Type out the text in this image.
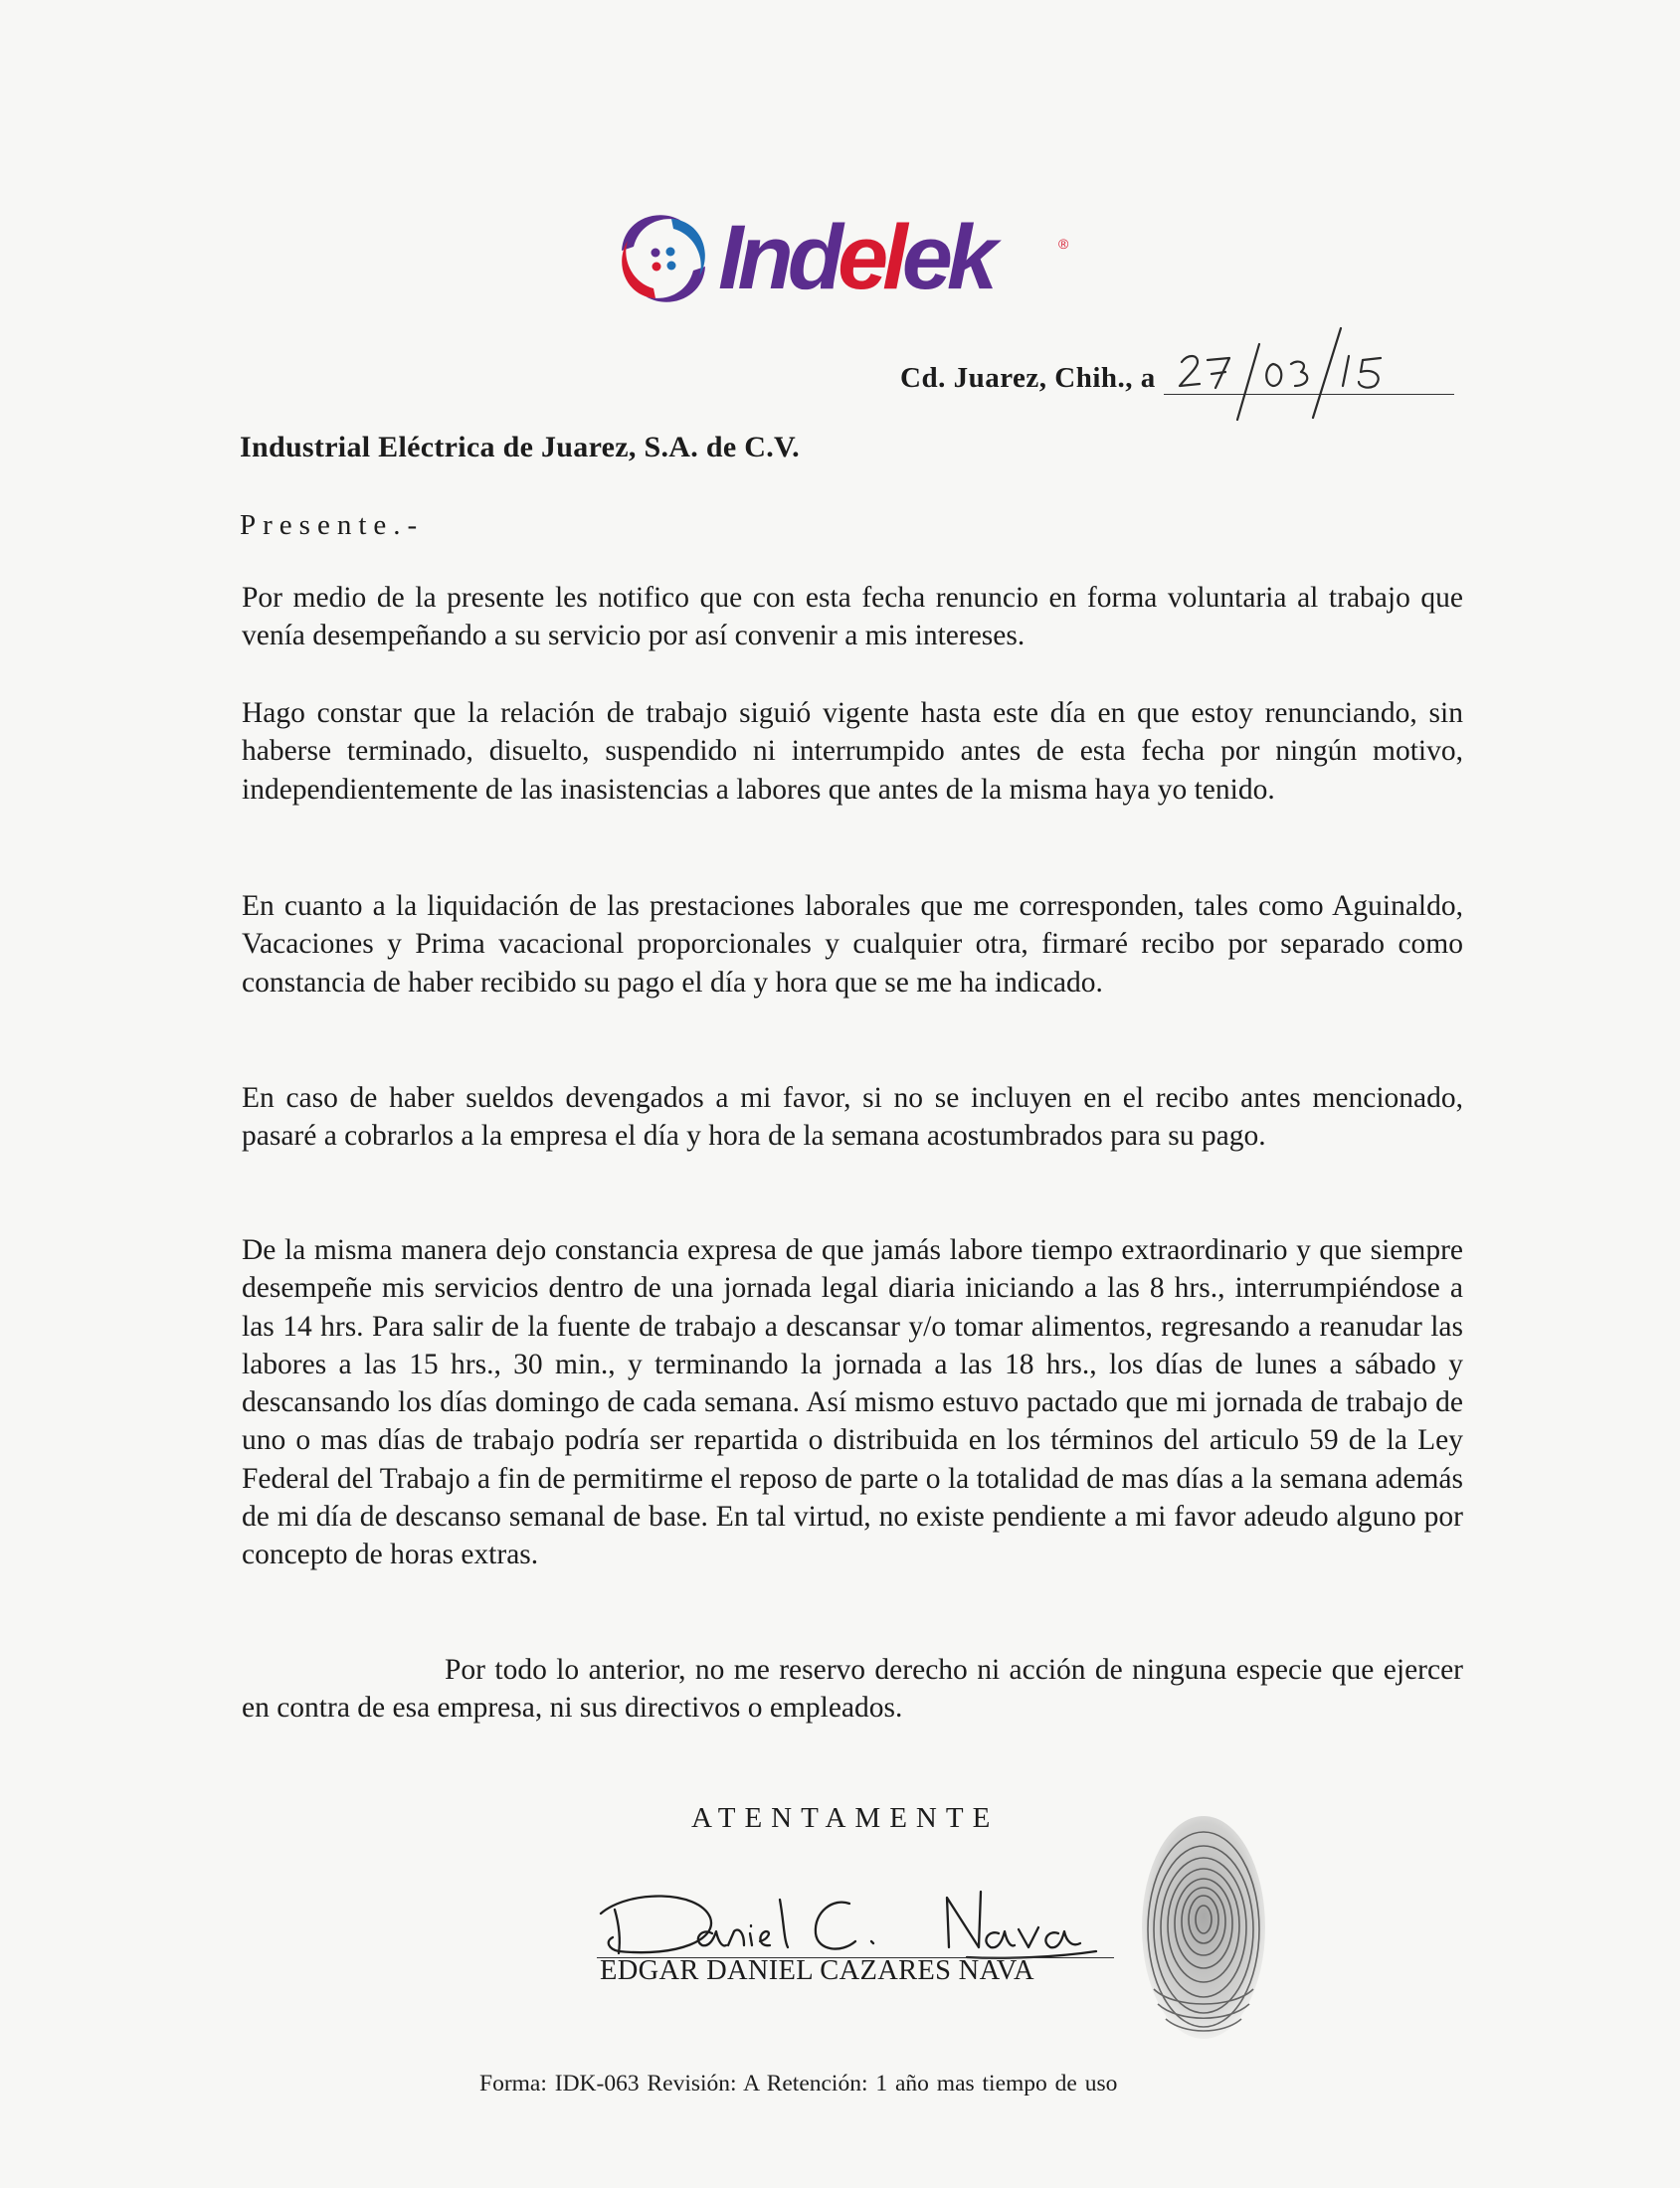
Indelek	®
Cd. Juarez, Chih., a
Industrial Eléctrica de Juarez, S.A. de C.V.
Presente.-

Por medio de la presente les notifico que con esta fecha renuncio en forma voluntaria al trabajo que venía desempeñando a su servicio por así convenir a mis intereses.

Hago constar que la relación de trabajo siguió vigente hasta este día en que estoy renunciando, sin haberse terminado, disuelto, suspendido ni interrumpido antes de esta fecha por ningún motivo, independientemente de las inasistencias a labores que antes de la misma haya yo tenido.

En cuanto a la liquidación de las prestaciones laborales que me corresponden, tales como Aguinaldo, Vacaciones y Prima vacacional proporcionales y cualquier otra, firmaré recibo por separado como constancia de haber recibido su pago el día y hora que se me ha indicado.

En caso de haber sueldos devengados a mi favor, si no se incluyen en el recibo antes mencionado, pasaré a cobrarlos a la empresa el día y hora de la semana acostumbrados para su pago.

De la misma manera dejo constancia expresa de que jamás labore tiempo extraordinario y que siempre desempeñe mis servicios dentro de una jornada legal diaria iniciando a las 8 hrs., interrumpiéndose a las 14 hrs. Para salir de la fuente de trabajo a descansar y/o tomar alimentos, regresando a reanudar las labores a las 15 hrs., 30 min., y terminando la jornada a las 18 hrs., los días de lunes a sábado y descansando los días domingo de cada semana. Así mismo estuvo pactado que mi jornada de trabajo de uno o mas días de trabajo podría ser repartida o distribuida en los términos del articulo 59 de la Ley Federal del Trabajo a fin de permitirme el reposo de parte o la totalidad de mas días a la semana además de mi día de descanso semanal de base. En tal virtud, no existe pendiente a mi favor adeudo alguno por concepto de horas extras.

Por todo lo anterior, no me reservo derecho ni acción de ninguna especie que ejercer en contra de esa empresa, ni sus directivos o empleados.

ATENTAMENTE
EDGAR DANIEL CAZARES NAVA
Forma: IDK-063 Revisión: A Retención: 1 año mas tiempo de uso
